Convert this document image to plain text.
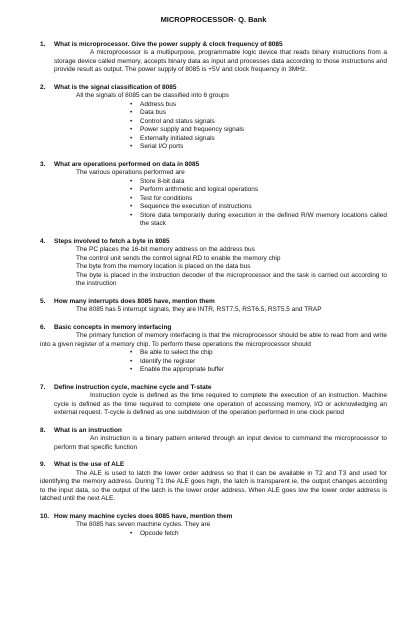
MICROPROCESSOR- Q. Bank
1.	What is microprocessor. Give the power supply & clock frequency of 8085
A microprocessor is a multipurpose, programmable logic device that reads binary instructions from a storage device called memory, accepts binary data as input and processes data according to those instructions and provide result as output. The power supply of 8085 is +5V and clock frequency in 3MHz.
2.	What is the signal classification of 8085
All the signals of 8085 can be classified into 6 groups
• Address bus
• Data bus
• Control and status signals
• Power supply and frequency signals
• Externally initiated signals
• Serial I/O ports
3.	What are operations performed on data in 8085
The various operations performed are
• Store 8-bit data
• Perform arithmetic and logical operations
• Test for conditions
• Sequence the execution of instructions
• Store data temporarily during execution in the defined R/W memory locations called the stack
4.	Steps involved to fetch a byte in 8085
The PC places the 16-bit memory address on the address bus
The control unit sends the control signal RD to enable the memory chip
The byte from the memory location is placed on the data bus
The byte is placed in the instruction decoder of the microprocessor and the task is carried out according to the instruction
5.	How many interrupts does 8085 have, mention them
The 8085 has 5 interrupt signals, they are INTR, RST7.5, RST6.5, RST5.5 and TRAP
6.	Basic concepts in memory interfacing
The primary function of memory interfacing is that the microprocessor should be able to read from and write into a given register of a memory chip. To perform these operations the microprocessor should
• Be able to select the chip
• Identify the register
• Enable the appropriate buffer
7.	Define instruction cycle, machine cycle and T-state
Instruction cycle is defined as the time required to complete the execution of an instruction. Machine cycle is defined as the time required to complete one operation of accessing memory, I/O or acknowledging an external request. T-cycle is defined as one subdivision of the operation performed in one clock period
8.	What is an instruction
An instruction is a binary pattern entered through an input device to command the microprocessor to perform that specific function
9.	What is the use of ALE
The ALE is used to latch the lower order address so that it can be available in T2 and T3 and used for identifying the memory address. During T1 the ALE goes high, the latch is transparent ie, the output changes according to the input data, so the output of the latch is the lower order address. When ALE goes low the lower order address is latched until the next ALE.
10. How many machine cycles does 8085 have, mention them
The 8085 has seven machine cycles. They are
• Opcode fetch
